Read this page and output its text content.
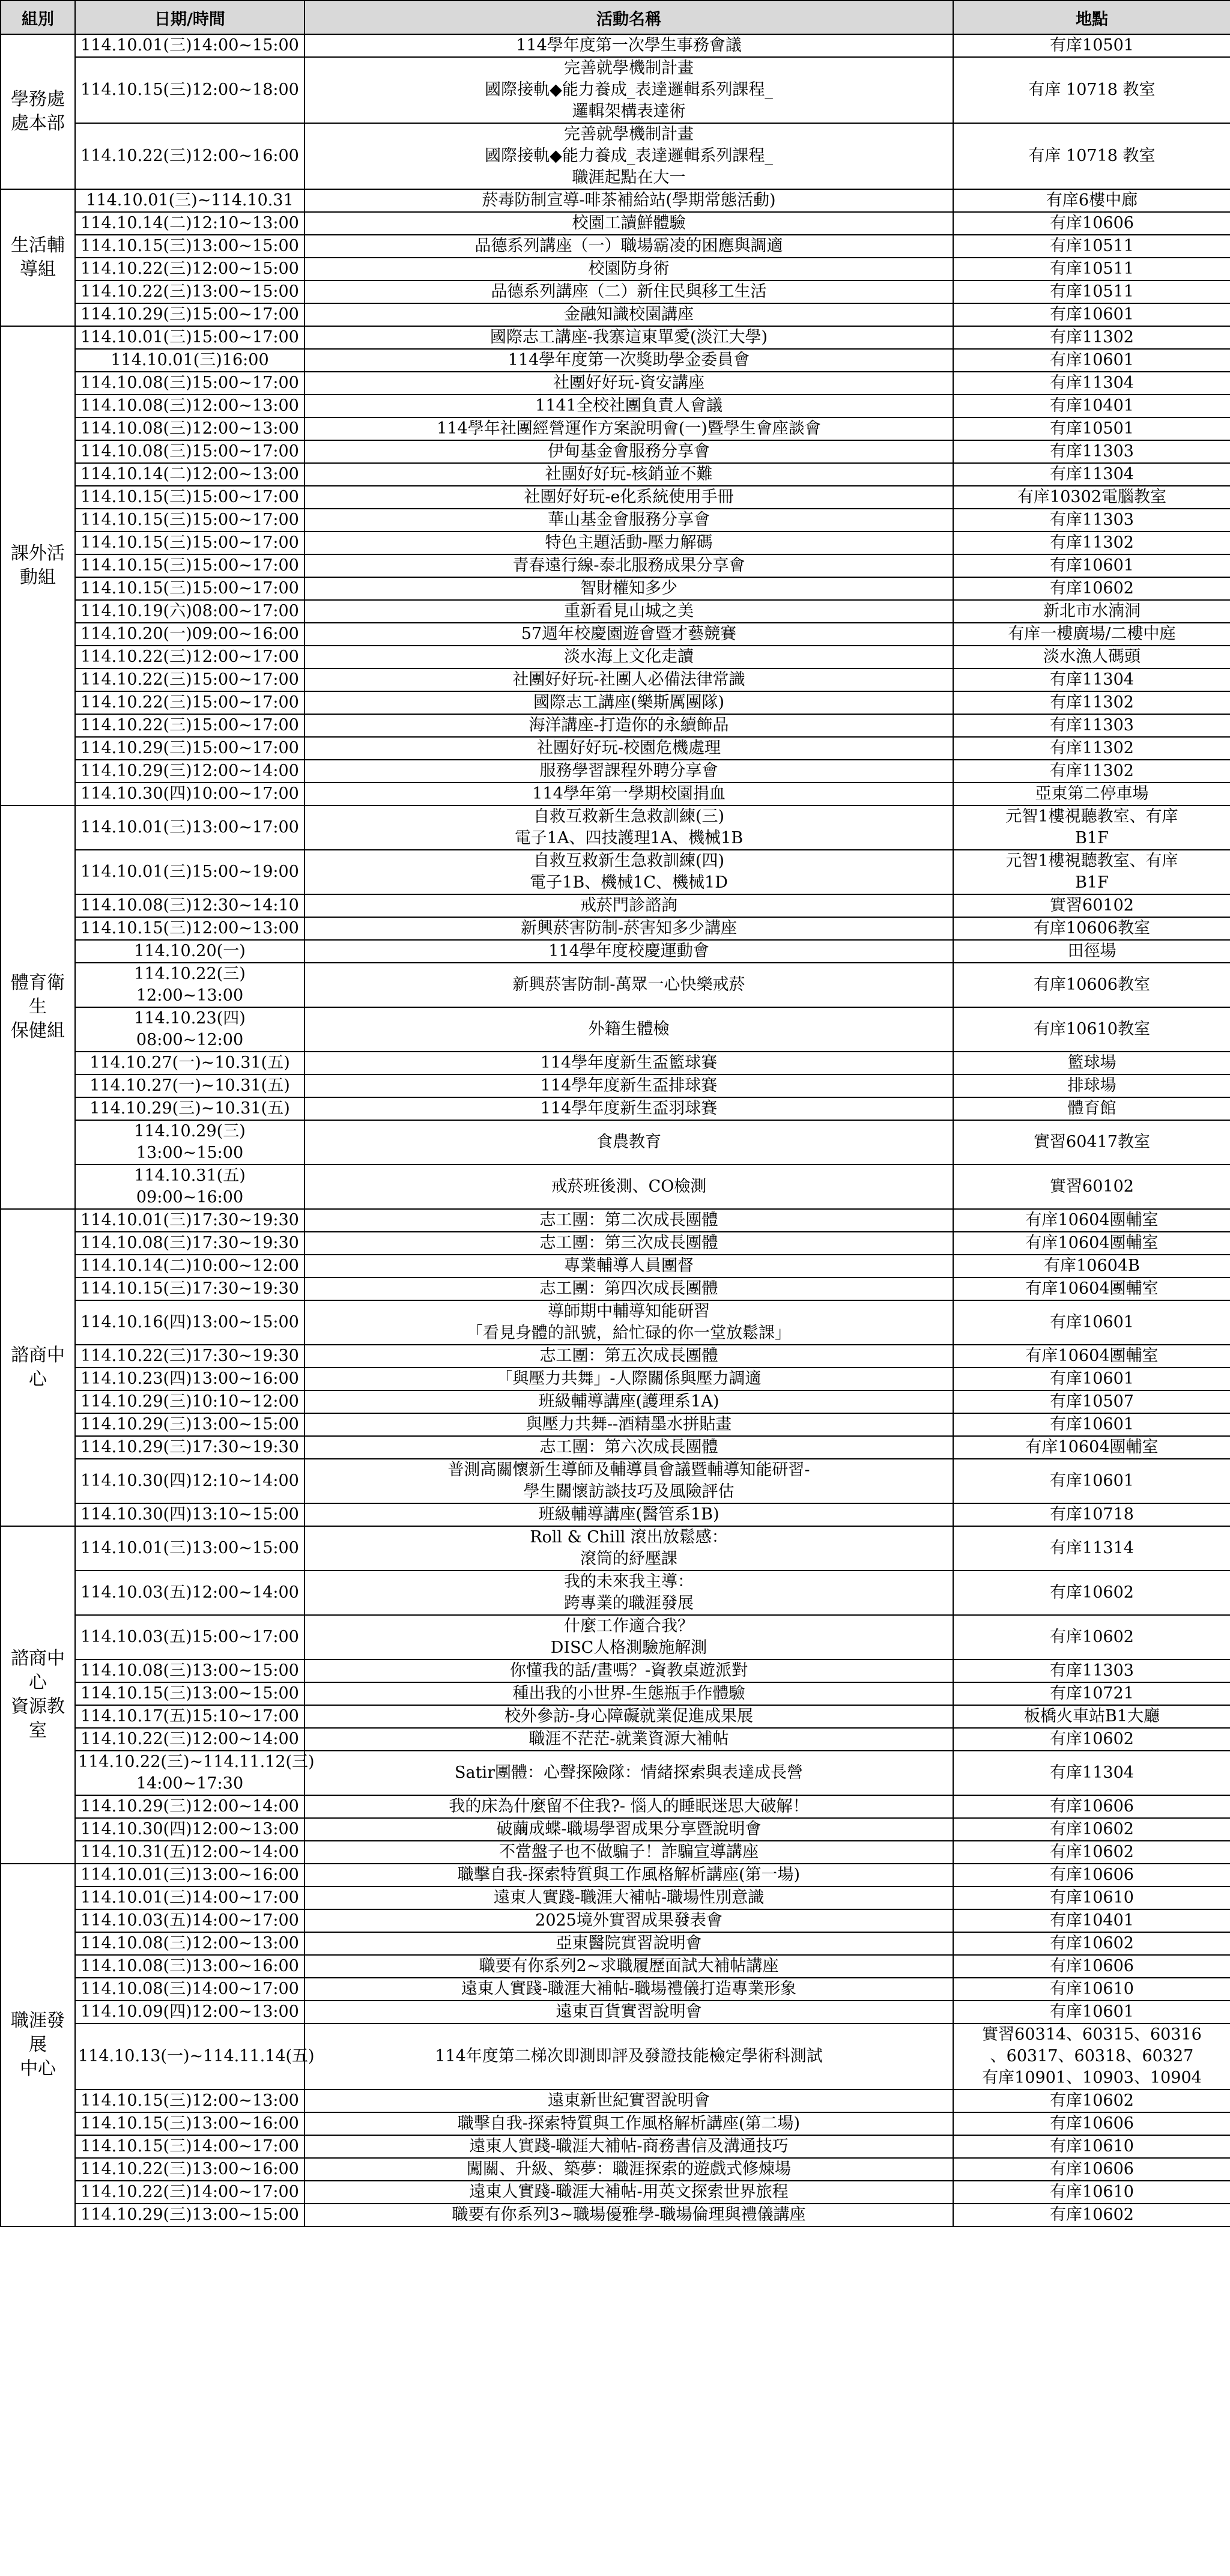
組別	日期/時間	活動名稱	地點
學務處
處本部	114.10.01(三)14:00~15:00	114學年度第一次學生事務會議	有庠10501
	114.10.15(三)12:00~18:00	完善就學機制計畫
國際接軌◆能力養成_表達邏輯系列課程_
邏輯架構表達術	有庠 10718 教室
	114.10.22(三)12:00~16:00	完善就學機制計畫
國際接軌◆能力養成_表達邏輯系列課程_
職涯起點在大一	有庠 10718 教室
生活輔導組	114.10.01(三)~114.10.31	菸毒防制宣導-啡茶補給站(學期常態活動)	有庠6樓中廊
	114.10.14(二)12:10~13:00	校園工讀鮮體驗	有庠10606
	114.10.15(三)13:00~15:00	品德系列講座（一）職場霸凌的困應與調適	有庠10511
	114.10.22(三)12:00~15:00	校園防身術	有庠10511
	114.10.22(三)13:00~15:00	品德系列講座（二）新住民與移工生活	有庠10511
	114.10.29(三)15:00~17:00	金融知識校園講座	有庠10601
課外活動組	114.10.01(三)15:00~17:00	國際志工講座-我寨這東單愛(淡江大學)	有庠11302
	114.10.01(三)16:00	114學年度第一次獎助學金委員會	有庠10601
	114.10.08(三)15:00~17:00	社團好好玩-資安講座	有庠11304
	114.10.08(三)12:00~13:00	1141全校社團負責人會議	有庠10401
	114.10.08(三)12:00~13:00	114學年社團經營運作方案說明會(一)暨學生會座談會	有庠10501
	114.10.08(三)15:00~17:00	伊甸基金會服務分享會	有庠11303
	114.10.14(二)12:00~13:00	社團好好玩-核銷並不難	有庠11304
	114.10.15(三)15:00~17:00	社團好好玩-e化系統使用手冊	有庠10302電腦教室
	114.10.15(三)15:00~17:00	華山基金會服務分享會	有庠11303
	114.10.15(三)15:00~17:00	特色主題活動-壓力解碼	有庠11302
	114.10.15(三)15:00~17:00	青春遠行線-泰北服務成果分享會	有庠10601
	114.10.15(三)15:00~17:00	智財權知多少	有庠10602
	114.10.19(六)08:00~17:00	重新看見山城之美	新北市水湳洞
	114.10.20(一)09:00~16:00	57週年校慶園遊會暨才藝競賽	有庠一樓廣場/二樓中庭
	114.10.22(三)12:00~17:00	淡水海上文化走讀	淡水漁人碼頭
	114.10.22(三)15:00~17:00	社團好好玩-社團人必備法律常識	有庠11304
	114.10.22(三)15:00~17:00	國際志工講座(樂斯厲團隊)	有庠11302
	114.10.22(三)15:00~17:00	海洋講座-打造你的永續飾品	有庠11303
	114.10.29(三)15:00~17:00	社團好好玩-校園危機處理	有庠11302
	114.10.29(三)12:00~14:00	服務學習課程外聘分享會	有庠11302
	114.10.30(四)10:00~17:00	114學年第一學期校園捐血	亞東第二停車場
體育衛生
保健組	114.10.01(三)13:00~17:00	自救互救新生急救訓練(三)
電子1A、四技護理1A、機械1B	元智1樓視聽教室、有庠
B1F
	114.10.01(三)15:00~19:00	自救互救新生急救訓練(四)
電子1B、機械1C、機械1D	元智1樓視聽教室、有庠
B1F
	114.10.08(三)12:30~14:10	戒菸門診諮詢	實習60102
	114.10.15(三)12:00~13:00	新興菸害防制-菸害知多少講座	有庠10606教室
	114.10.20(一)	114學年度校慶運動會	田徑場
	114.10.22(三) 12:00~13:00	新興菸害防制-萬眾一心快樂戒菸	有庠10606教室
	114.10.23(四) 08:00~12:00	外籍生體檢	有庠10610教室
	114.10.27(一)~10.31(五)	114學年度新生盃籃球賽	籃球場
	114.10.27(一)~10.31(五)	114學年度新生盃排球賽	排球場
	114.10.29(三)~10.31(五)	114學年度新生盃羽球賽	體育館
	114.10.29(三) 13:00~15:00	食農教育	實習60417教室
	114.10.31(五) 09:00~16:00	戒菸班後測、CO檢測	實習60102
諮商中心	114.10.01(三)17:30~19:30	志工團：第二次成長團體	有庠10604團輔室
	114.10.08(三)17:30~19:30	志工團：第三次成長團體	有庠10604團輔室
	114.10.14(二)10:00~12:00	專業輔導人員團督	有庠10604B
	114.10.15(三)17:30~19:30	志工團：第四次成長團體	有庠10604團輔室
	114.10.16(四)13:00~15:00	導師期中輔導知能研習
「看見身體的訊號，給忙碌的你一堂放鬆課」	有庠10601
	114.10.22(三)17:30~19:30	志工團：第五次成長團體	有庠10604團輔室
	114.10.23(四)13:00~16:00	「與壓力共舞」-人際關係與壓力調適	有庠10601
	114.10.29(三)10:10~12:00	班級輔導講座(護理系1A)	有庠10507
	114.10.29(三)13:00~15:00	與壓力共舞--酒精墨水拼貼畫	有庠10601
	114.10.29(三)17:30~19:30	志工團：第六次成長團體	有庠10604團輔室
	114.10.30(四)12:10~14:00	普測高關懷新生導師及輔導員會議暨輔導知能研習-
學生關懷訪談技巧及風險評估	有庠10601
	114.10.30(四)13:10~15:00	班級輔導講座(醫管系1B)	有庠10718
諮商中心
資源教室	114.10.01(三)13:00~15:00	Roll & Chill 滾出放鬆感：
滾筒的紓壓課	有庠11314
	114.10.03(五)12:00~14:00	我的未來我主導：
跨專業的職涯發展	有庠10602
	114.10.03(五)15:00~17:00	什麼工作適合我？
DISC人格測驗施解測	有庠10602
	114.10.08(三)13:00~15:00	你懂我的話/畫嗎？-資教桌遊派對	有庠11303
	114.10.15(三)13:00~15:00	種出我的小世界-生態瓶手作體驗	有庠10721
	114.10.17(五)15:10~17:00	校外參訪-身心障礙就業促進成果展	板橋火車站B1大廳
	114.10.22(三)12:00~14:00	職涯不茫茫-就業資源大補帖	有庠10602
	114.10.22(三)~114.11.12(三)
14:00~17:30	Satir團體：心聲探險隊：情緒探索與表達成長營	有庠11304
	114.10.29(三)12:00~14:00	我的床為什麼留不住我?- 惱人的睡眠迷思大破解！	有庠10606
	114.10.30(四)12:00~13:00	破繭成蝶-職場學習成果分享暨說明會	有庠10602
	114.10.31(五)12:00~14:00	不當盤子也不做騙子！詐騙宣導講座	有庠10602
職涯發展
中心	114.10.01(三)13:00~16:00	職擊自我-探索特質與工作風格解析講座(第一場)	有庠10606
	114.10.01(三)14:00~17:00	遠東人實踐-職涯大補帖-職場性別意識	有庠10610
	114.10.03(五)14:00~17:00	2025境外實習成果發表會	有庠10401
	114.10.08(三)12:00~13:00	亞東醫院實習說明會	有庠10602
	114.10.08(三)13:00~16:00	職要有你系列2~求職履歷面試大補帖講座	有庠10606
	114.10.08(三)14:00~17:00	遠東人實踐-職涯大補帖-職場禮儀打造專業形象	有庠10610
	114.10.09(四)12:00~13:00	遠東百貨實習說明會	有庠10601
	114.10.13(一)~114.11.14(五)	114年度第二梯次即測即評及發證技能檢定學術科測試	實習60314、60315、60316
、60317、60318、60327
有庠10901、10903、10904
	114.10.15(三)12:00~13:00	遠東新世紀實習說明會	有庠10602
	114.10.15(三)13:00~16:00	職擊自我-探索特質與工作風格解析講座(第二場)	有庠10606
	114.10.15(三)14:00~17:00	遠東人實踐-職涯大補帖-商務書信及溝通技巧	有庠10610
	114.10.22(三)13:00~16:00	闖關、升級、築夢：職涯探索的遊戲式修煉場	有庠10606
	114.10.22(三)14:00~17:00	遠東人實踐-職涯大補帖-用英文探索世界旅程	有庠10610
	114.10.29(三)13:00~15:00	職要有你系列3~職場優雅學-職場倫理與禮儀講座	有庠10602
